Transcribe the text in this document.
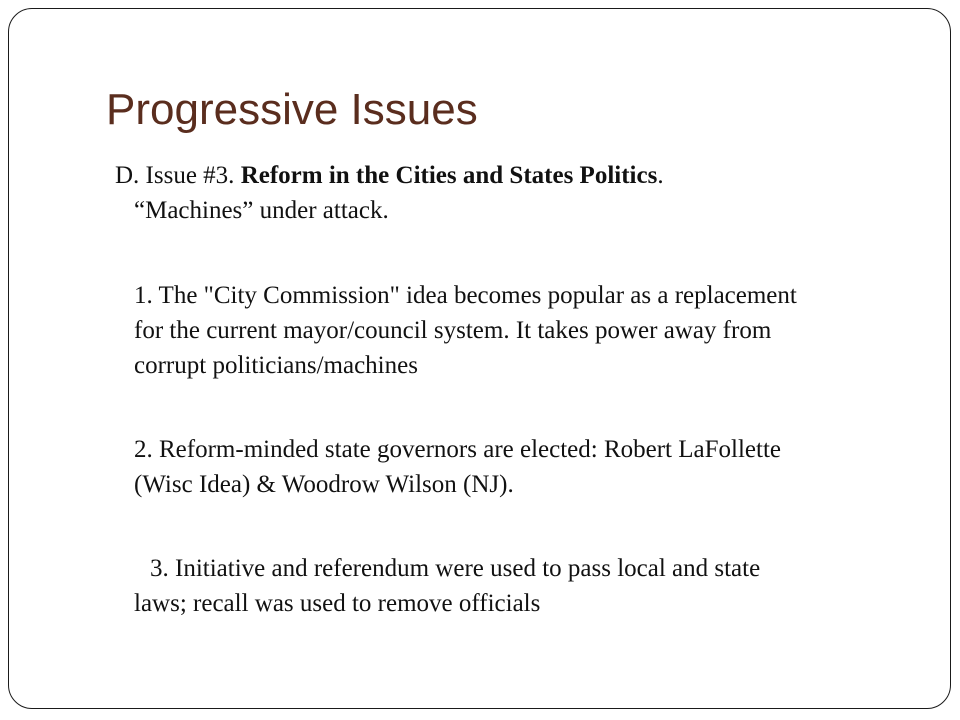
Progressive Issues
D. Issue #3. Reform in the Cities and States Politics.
“Machines” under attack.
1. The "City Commission" idea becomes popular as a replacement
for the current mayor/council system. It takes power away from
corrupt politicians/machines
2. Reform-minded state governors are elected: Robert LaFollette
(Wisc Idea) & Woodrow Wilson (NJ).
3. Initiative and referendum were used to pass local and state
laws; recall was used to remove officials
